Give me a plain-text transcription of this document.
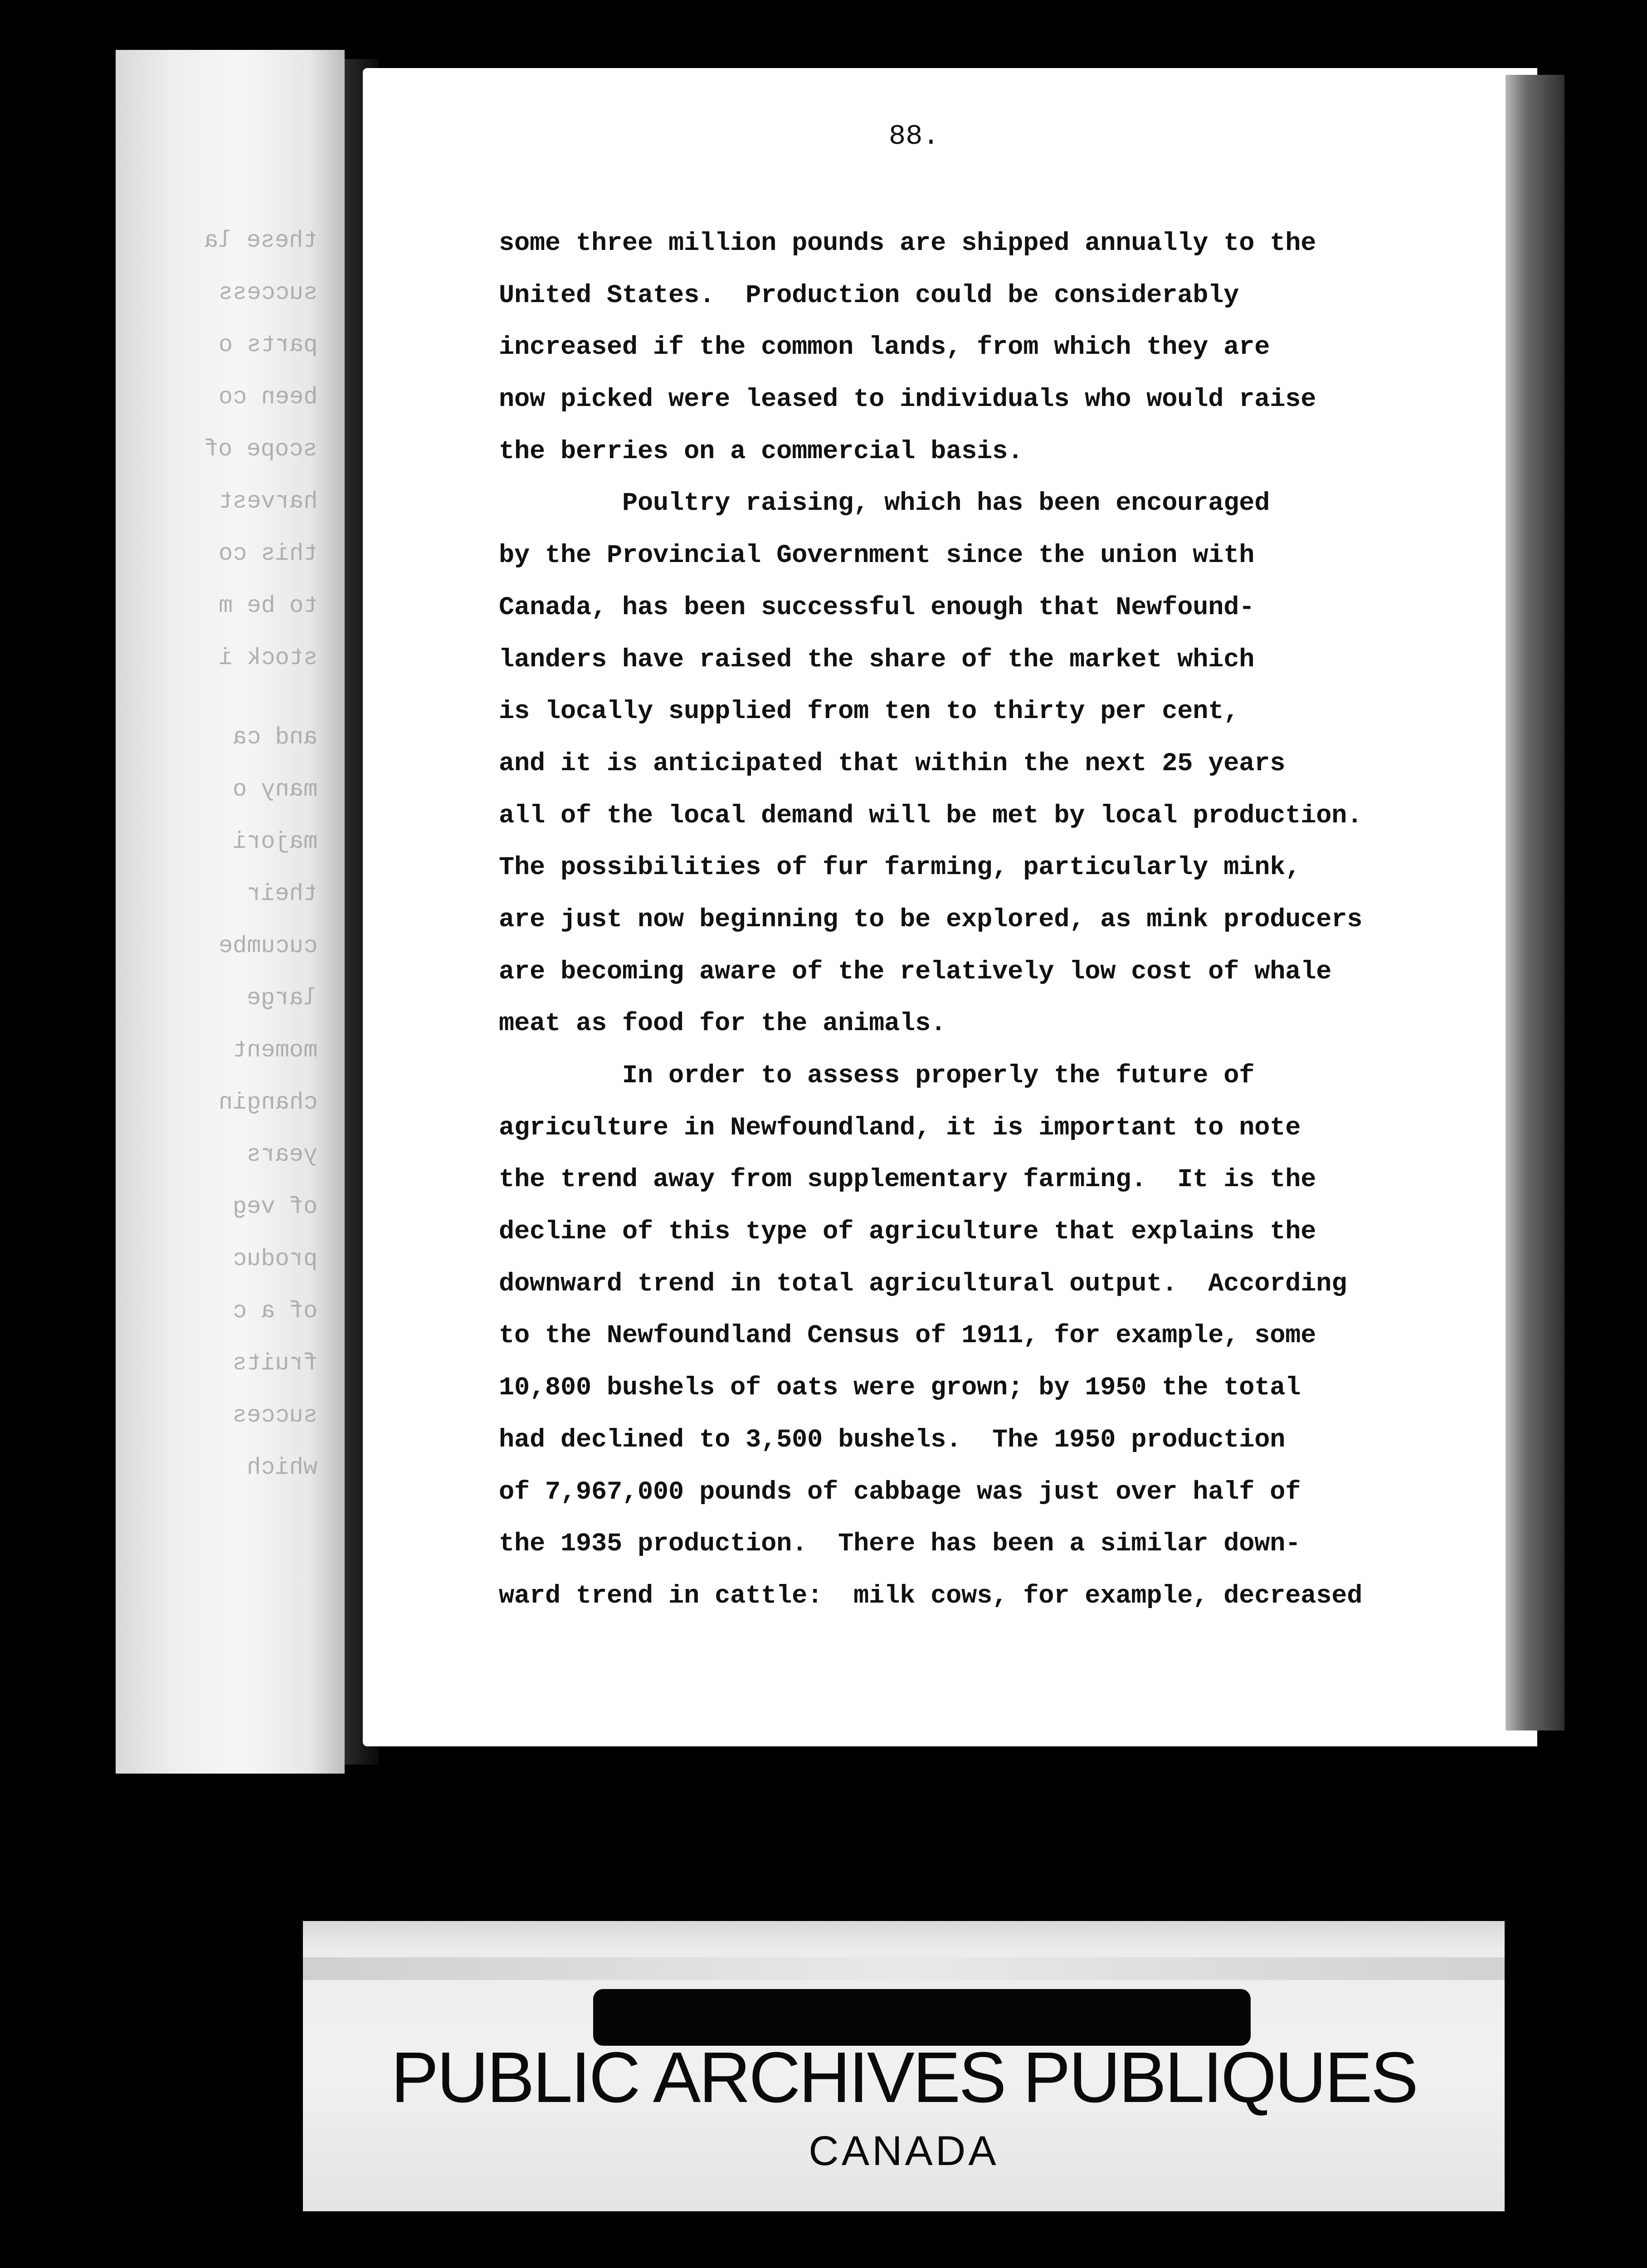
these la
success
parts o
been co
scope of
harvest
this co
to be m
stock i
and ca
many o
majori
their
cucumbe
large
moment
changin
years
of veg
produc
of a c
fruits
succes
which

88.

some three million pounds are shipped annually to the
United States.  Production could be considerably
increased if the common lands, from which they are
now picked were leased to individuals who would raise
the berries on a commercial basis.
Poultry raising, which has been encouraged
by the Provincial Government since the union with
Canada, has been successful enough that Newfound-
landers have raised the share of the market which
is locally supplied from ten to thirty per cent,
and it is anticipated that within the next 25 years
all of the local demand will be met by local production.
The possibilities of fur farming, particularly mink,
are just now beginning to be explored, as mink producers
are becoming aware of the relatively low cost of whale
meat as food for the animals.
In order to assess properly the future of
agriculture in Newfoundland, it is important to note
the trend away from supplementary farming.  It is the
decline of this type of agriculture that explains the
downward trend in total agricultural output.  According
to the Newfoundland Census of 1911, for example, some
10,800 bushels of oats were grown; by 1950 the total
had declined to 3,500 bushels.  The 1950 production
of 7,967,000 pounds of cabbage was just over half of
the 1935 production.  There has been a similar down-
ward trend in cattle:  milk cows, for example, decreased

PUBLIC ARCHIVES PUBLIQUES

CANADA
